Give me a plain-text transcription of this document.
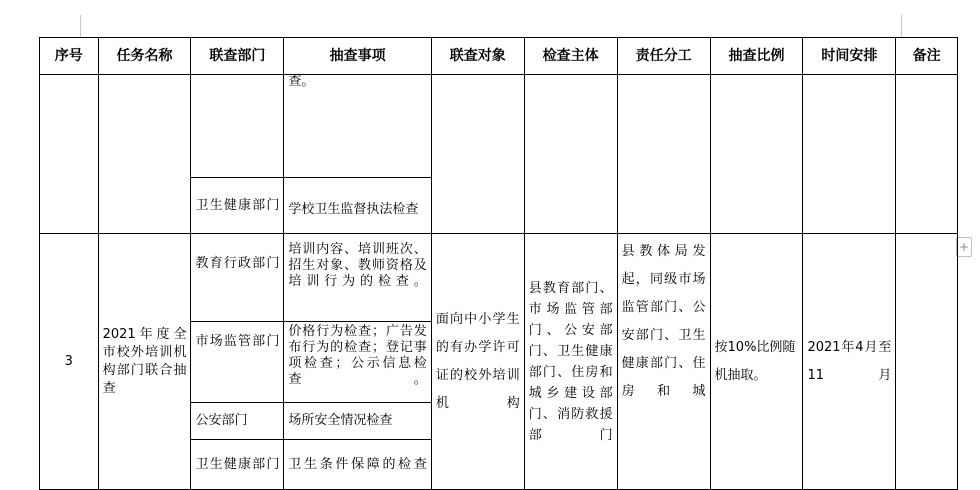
+
序号	任务名称	联查部门	抽查事项	联查对象	检查主体	责任分工	抽查比例	时间安排	备注
			查。						
		卫生健康部门	学校卫生监督执法检查						
3	2021年度全市校外培训机构部门联合抽查	教育行政部门	培训内容、培训班次、招生对象、教师资格及培训行为的检查。	面向中小学生的有办学许可证的校外培训机构	县教育部门、市场监管部门、公安部门、卫生健康部门、住房和城乡建设部门、消防救援部门	县教体局发起，同级市场监管部门、公安部门、卫生健康部门、住房和城	按10%比例随机抽取。	2021年4月至11月	
		市场监管部门	价格行为检查；广告发布行为的检查；登记事项检查；公示信息检查。						
		公安部门	场所安全情况检查						
		卫生健康部门	卫生条件保障的检查						
